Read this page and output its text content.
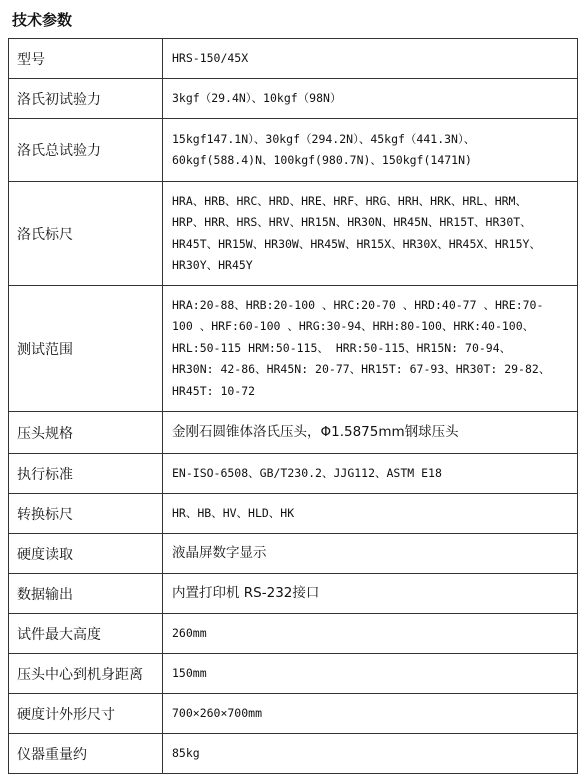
技术参数
型号	HRS-150/45X

洛氏初试验力	3kgf（29.4N）、10kgf（98N）

洛氏总试验力	15kgf147.1N）、30kgf（294.2N）、45kgf（441.3N）、
60kgf(588.4)N、100kgf(980.7N)、150kgf(1471N)

洛氏标尺	HRA、HRB、HRC、HRD、HRE、HRF、HRG、HRH、HRK、HRL、HRM、
HRP、HRR、HRS、HRV、HR15N、HR30N、HR45N、HR15T、HR30T、
HR45T、HR15W、HR30W、HR45W、HR15X、HR30X、HR45X、HR15Y、
HR30Y、HR45Y

测试范围	HRA:20-88、HRB:20-100 、HRC:20-70 、HRD:40-77 、HRE:70-
100 、HRF:60-100 、HRG:30-94、HRH:80-100、HRK:40-100、
HRL:50-115 HRM:50-115、 HRR:50-115、HR15N: 70-94、
HR30N: 42-86、HR45N: 20-77、HR15T: 67-93、HR30T: 29-82、
HR45T: 10-72

压头规格	金刚石圆锥体洛氏压头，Φ1.5875mm钢球压头

执行标准	EN-ISO-6508、GB/T230.2、JJG112、ASTM E18

转换标尺	HR、HB、HV、HLD、HK

硬度读取	液晶屏数字显示

数据输出	内置打印机 RS-232接口

试件最大高度	260mm

压头中心到机身距离	150mm

硬度计外形尺寸	700×260×700mm

仪器重量约	85kg
